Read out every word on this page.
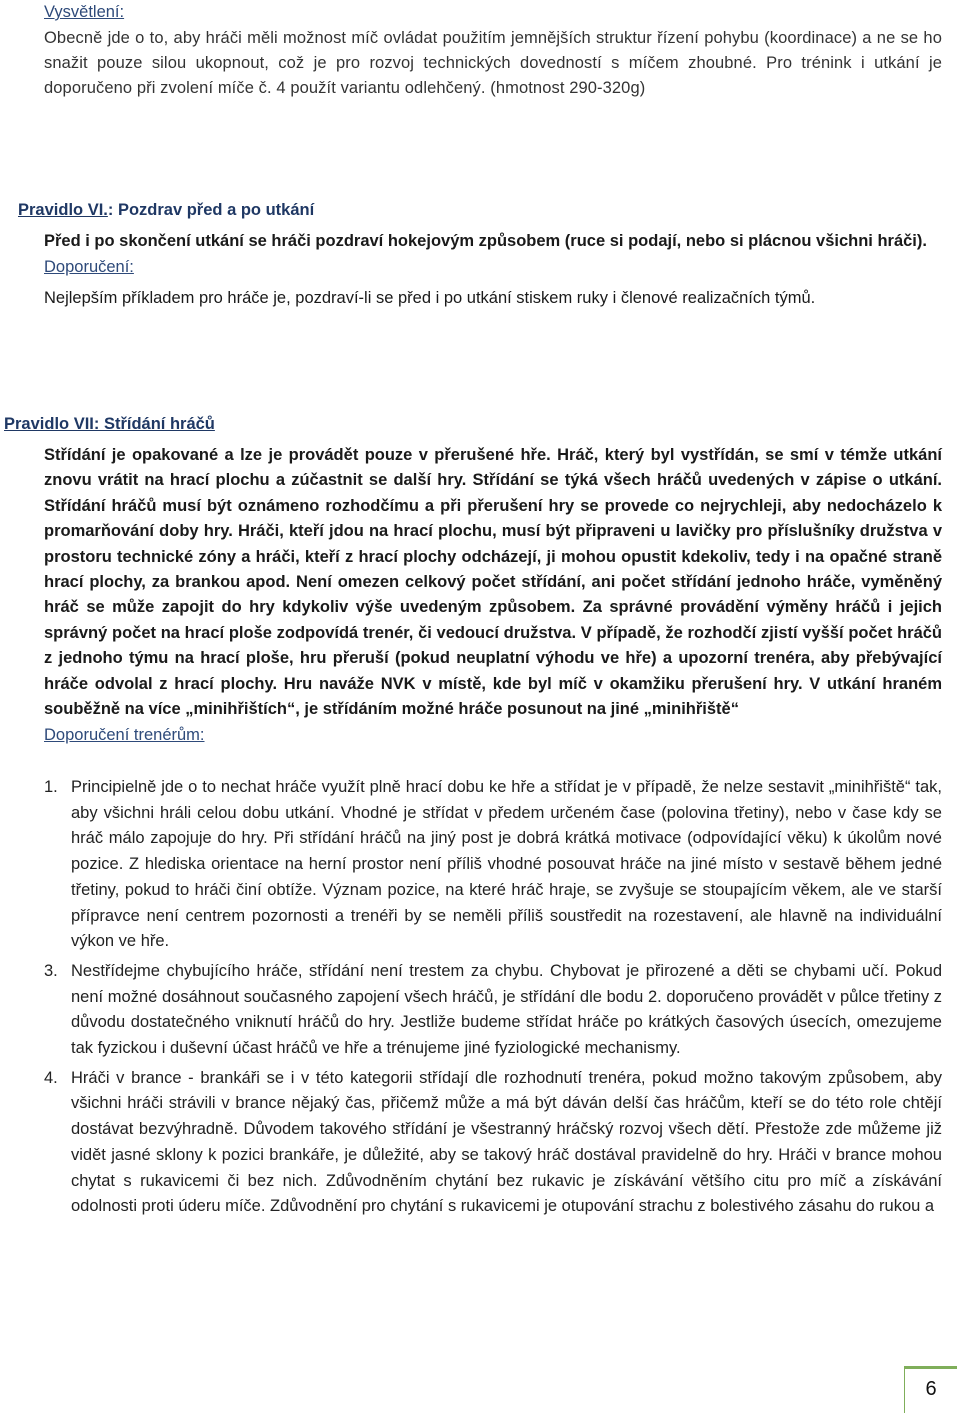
Vysvětlení:

Obecně jde o to, aby hráči měli možnost míč ovládat použitím jemnějších struktur řízení pohybu (koordinace) a ne se ho snažit pouze silou ukopnout, což je pro rozvoj technických dovedností s míčem zhoubné. Pro trénink i utkání je doporučeno při zvolení míče č. 4 použít variantu odlehčený. (hmotnost 290-320g)

Pravidlo VI.: Pozdrav před a po utkání

Před i po skončení utkání se hráči pozdraví hokejovým způsobem (ruce si podají, nebo si plácnou všichni hráči).

Doporučení:

Nejlepším příkladem pro hráče je, pozdraví-li se před i po utkání stiskem ruky i členové realizačních týmů.

Pravidlo VII: Střídání hráčů

Střídání je opakované a lze je provádět pouze v přerušené hře. Hráč, který byl vystřídán, se smí v témže utkání znovu vrátit na hrací plochu a zúčastnit se další hry. Střídání se týká všech hráčů uvedených v zápise o utkání. Střídání hráčů musí být oznámeno rozhodčímu a při přerušení hry se provede co nejrychleji, aby nedocházelo k promarňování doby hry. Hráči, kteří jdou na hrací plochu, musí být připraveni u lavičky pro příslušníky družstva v prostoru technické zóny a hráči, kteří z hrací plochy odcházejí, ji mohou opustit kdekoliv, tedy i na opačné straně hrací plochy, za brankou apod. Není omezen celkový počet střídání, ani počet střídání jednoho hráče, vyměněný hráč se může zapojit do hry kdykoliv výše uvedeným způsobem. Za správné provádění výměny hráčů i jejich správný počet na hrací ploše zodpovídá trenér, či vedoucí družstva. V případě, že rozhodčí zjistí vyšší počet hráčů z jednoho týmu na hrací ploše, hru přeruší (pokud neuplatní výhodu ve hře) a upozorní trenéra, aby přebývající hráče odvolal z hrací plochy. Hru naváže NVK v místě, kde byl míč v okamžiku přerušení hry. V utkání hraném souběžně na více „minihřištích“, je střídáním možné hráče posunout na jiné „minihřiště“

Doporučení trenérům:

1. Principielně jde o to nechat hráče využít plně hrací dobu ke hře a střídat je v případě, že nelze sestavit „minihřiště“ tak, aby všichni hráli celou dobu utkání. Vhodné je střídat v předem určeném čase (polovina třetiny), nebo v čase kdy se hráč málo zapojuje do hry. Při střídání hráčů na jiný post je dobrá krátká motivace (odpovídající věku) k úkolům nové pozice. Z hlediska orientace na herní prostor není příliš vhodné posouvat hráče na jiné místo v sestavě během jedné třetiny, pokud to hráči činí obtíže. Význam pozice, na které hráč hraje, se zvyšuje se stoupajícím věkem, ale ve starší přípravce není centrem pozornosti a trenéři by se neměli příliš soustředit na rozestavení, ale hlavně na individuální výkon ve hře.
3. Nestřídejme chybujícího hráče, střídání není trestem za chybu. Chybovat je přirozené a děti se chybami učí. Pokud není možné dosáhnout současného zapojení všech hráčů, je střídání dle bodu 2. doporučeno provádět v půlce třetiny z důvodu dostatečného vniknutí hráčů do hry. Jestliže budeme střídat hráče po krátkých časových úsecích, omezujeme tak fyzickou i duševní účast hráčů ve hře a trénujeme jiné fyziologické mechanismy.
4. Hráči v brance - brankáři se i v této kategorii střídají dle rozhodnutí trenéra, pokud možno takovým způsobem, aby všichni hráči strávili v brance nějaký čas, přičemž může a má být dáván delší čas hráčům, kteří se do této role chtějí dostávat bezvýhradně. Důvodem takového střídání je všestranný hráčský rozvoj všech dětí. Přestože zde můžeme již vidět jasné sklony k pozici brankáře, je důležité, aby se takový hráč dostával pravidelně do hry. Hráči v brance mohou chytat s rukavicemi či bez nich. Zdůvodněním chytání bez rukavic je získávání většího citu pro míč a získávání odolnosti proti úderu míče. Zdůvodnění pro chytání s rukavicemi je otupování strachu z bolestivého zásahu do rukou a
6
